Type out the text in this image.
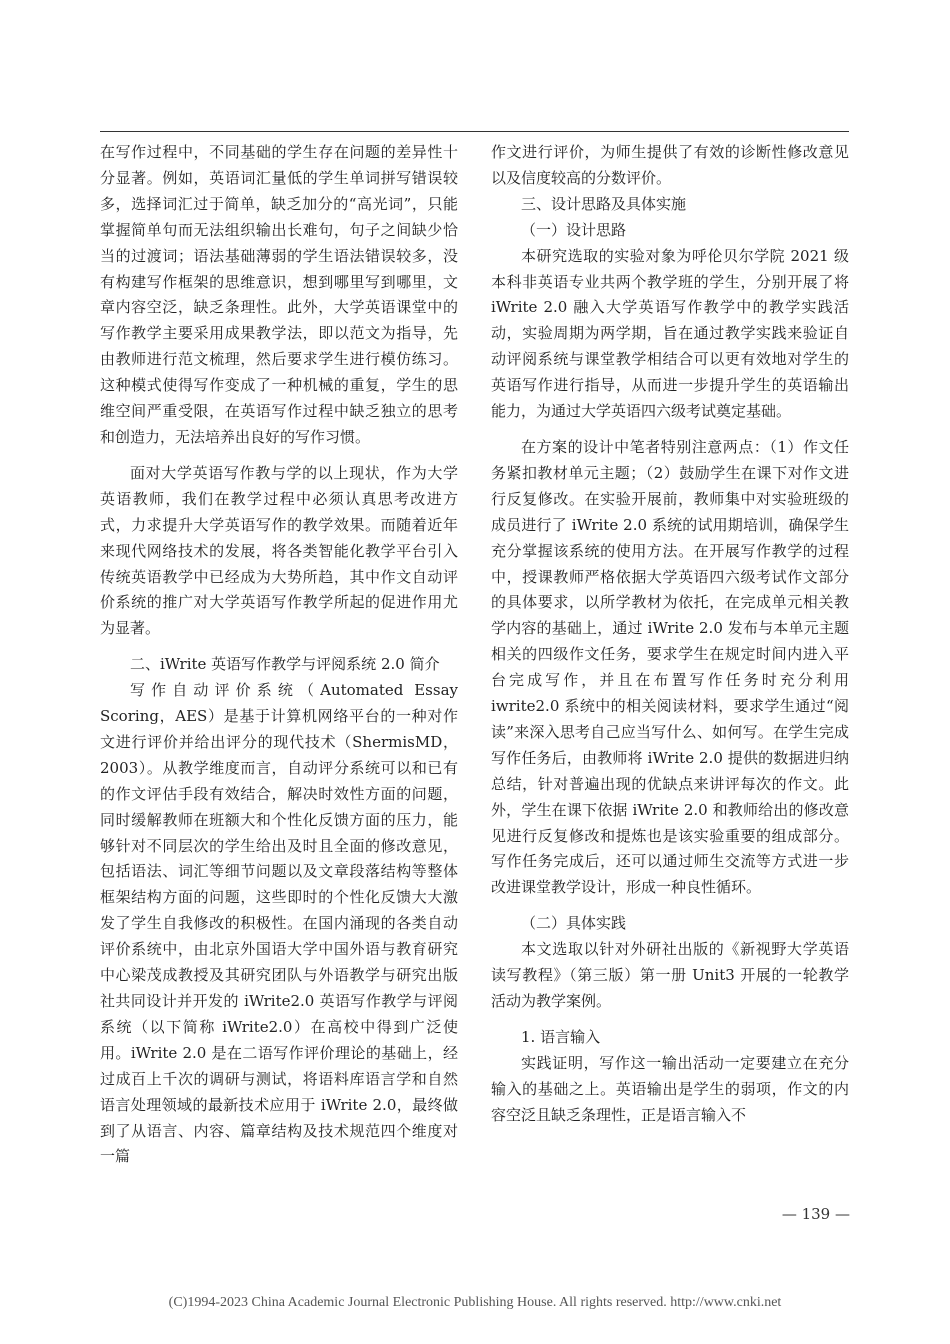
在写作过程中，不同基础的学生存在问题的差异性十分显著。例如，英语词汇量低的学生单词拼写错误较多，选择词汇过于简单，缺乏加分的“高光词”，只能掌握简单句而无法组织输出长难句，句子之间缺少恰当的过渡词；语法基础薄弱的学生语法错误较多，没有构建写作框架的思维意识，想到哪里写到哪里，文章内容空泛，缺乏条理性。此外，大学英语课堂中的写作教学主要采用成果教学法，即以范文为指导，先由教师进行范文梳理，然后要求学生进行模仿练习。这种模式使得写作变成了一种机械的重复，学生的思维空间严重受限，在英语写作过程中缺乏独立的思考和创造力，无法培养出良好的写作习惯。

面对大学英语写作教与学的以上现状，作为大学英语教师，我们在教学过程中必须认真思考改进方式，力求提升大学英语写作的教学效果。而随着近年来现代网络技术的发展，将各类智能化教学平台引入传统英语教学中已经成为大势所趋，其中作文自动评价系统的推广对大学英语写作教学所起的促进作用尤为显著。

二、iWrite 英语写作教学与评阅系统 2.0 简介

写作自动评价系统（Automated Essay Scoring，AES）是基于计算机网络平台的一种对作文进行评价并给出评分的现代技术（ShermisMD，2003）。从教学维度而言，自动评分系统可以和已有的作文评估手段有效结合，解决时效性方面的问题，同时缓解教师在班额大和个性化反馈方面的压力，能够针对不同层次的学生给出及时且全面的修改意见，包括语法、词汇等细节问题以及文章段落结构等整体框架结构方面的问题，这些即时的个性化反馈大大激发了学生自我修改的积极性。在国内涌现的各类自动评价系统中，由北京外国语大学中国外语与教育研究中心梁茂成教授及其研究团队与外语教学与研究出版社共同设计并开发的 iWrite2.0 英语写作教学与评阅系统（以下简称 iWrite2.0）在高校中得到广泛使用。iWrite 2.0 是在二语写作评价理论的基础上，经过成百上千次的调研与测试，将语料库语言学和自然语言处理领域的最新技术应用于 iWrite 2.0，最终做到了从语言、内容、篇章结构及技术规范四个维度对一篇

作文进行评价，为师生提供了有效的诊断性修改意见以及信度较高的分数评价。

三、设计思路及具体实施

（一）设计思路

本研究选取的实验对象为呼伦贝尔学院 2021 级本科非英语专业共两个教学班的学生，分别开展了将 iWrite 2.0 融入大学英语写作教学中的教学实践活动，实验周期为两学期，旨在通过教学实践来验证自动评阅系统与课堂教学相结合可以更有效地对学生的英语写作进行指导，从而进一步提升学生的英语输出能力，为通过大学英语四六级考试奠定基础。

在方案的设计中笔者特别注意两点：（1）作文任务紧扣教材单元主题；（2）鼓励学生在课下对作文进行反复修改。在实验开展前，教师集中对实验班级的成员进行了 iWrite 2.0 系统的试用期培训，确保学生充分掌握该系统的使用方法。在开展写作教学的过程中，授课教师严格依据大学英语四六级考试作文部分的具体要求，以所学教材为依托，在完成单元相关教学内容的基础上，通过 iWrite 2.0 发布与本单元主题相关的四级作文任务，要求学生在规定时间内进入平台完成写作，并且在布置写作任务时充分利用 iwrite2.0 系统中的相关阅读材料，要求学生通过“阅读”来深入思考自己应当写什么、如何写。在学生完成写作任务后，由教师将 iWrite 2.0 提供的数据进归纳总结，针对普遍出现的优缺点来讲评每次的作文。此外，学生在课下依据 iWrite 2.0 和教师给出的修改意见进行反复修改和提炼也是该实验重要的组成部分。写作任务完成后，还可以通过师生交流等方式进一步改进课堂教学设计，形成一种良性循环。

（二）具体实践

本文选取以针对外研社出版的《新视野大学英语读写教程》（第三版）第一册 Unit3 开展的一轮教学活动为教学案例。

1. 语言输入

实践证明，写作这一输出活动一定要建立在充分输入的基础之上。英语输出是学生的弱项，作文的内容空泛且缺乏条理性，正是语言输入不

— 139 —
(C)1994-2023 China Academic Journal Electronic Publishing House. All rights reserved. http://www.cnki.net
